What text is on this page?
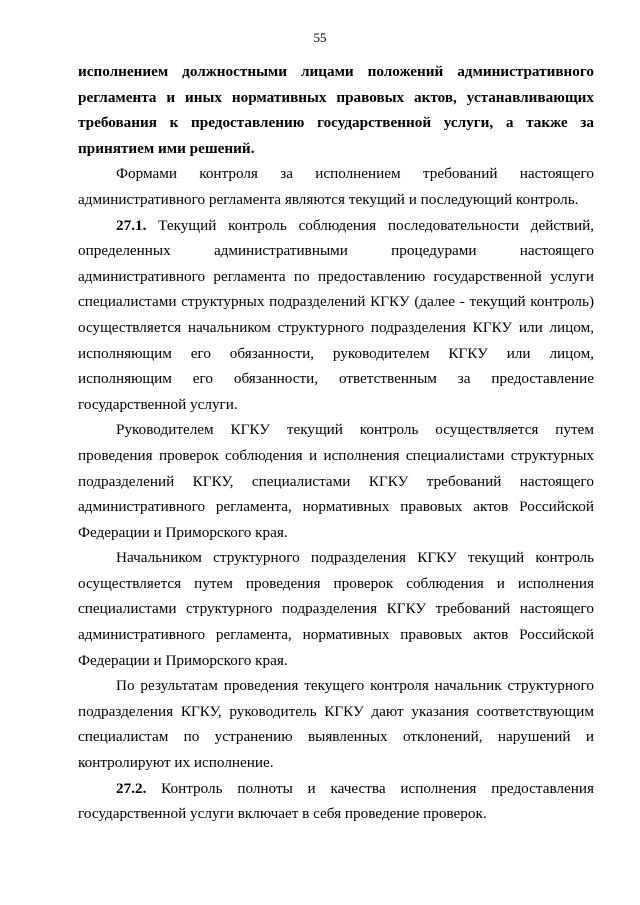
55

исполнением должностными лицами положений административного регламента и иных нормативных правовых актов, устанавливающих требования к предоставлению государственной услуги, а также за принятием ими решений.

Формами контроля за исполнением требований настоящего административного регламента являются текущий и последующий контроль.

27.1. Текущий контроль соблюдения последовательности действий, определенных административными процедурами настоящего административного регламента по предоставлению государственной услуги специалистами структурных подразделений КГКУ (далее - текущий контроль) осуществляется начальником структурного подразделения КГКУ или лицом, исполняющим его обязанности, руководителем КГКУ или лицом, исполняющим его обязанности, ответственным за предоставление государственной услуги.

Руководителем КГКУ текущий контроль осуществляется путем проведения проверок соблюдения и исполнения специалистами структурных подразделений КГКУ, специалистами КГКУ требований настоящего административного регламента, нормативных правовых актов Российской Федерации и Приморского края.

Начальником структурного подразделения КГКУ текущий контроль осуществляется путем проведения проверок соблюдения и исполнения специалистами структурного подразделения КГКУ требований настоящего административного регламента, нормативных правовых актов Российской Федерации и Приморского края.

По результатам проведения текущего контроля начальник структурного подразделения КГКУ, руководитель КГКУ дают указания соответствующим специалистам по устранению выявленных отклонений, нарушений и контролируют их исполнение.

27.2. Контроль полноты и качества исполнения предоставления государственной услуги включает в себя проведение проверок.
